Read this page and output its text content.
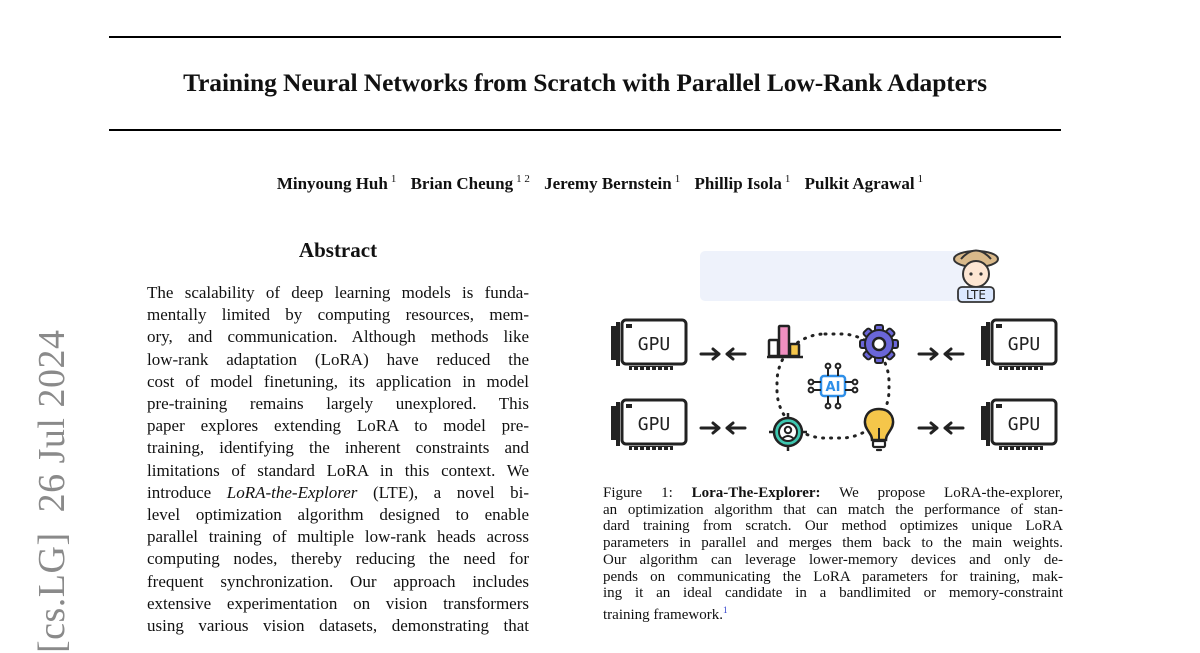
Training Neural Networks from Scratch with Parallel Low-Rank Adapters
Minyoung Huh $^1$ Brian Cheung $^{1 2}$ Jeremy Bernstein $^1$ Phillip Isola $^1$ Pulkit Agrawal $^1$
[cs.LG]  26 Jul 2024
Abstract
The scalability of deep learning models is funda-
mentally limited by computing resources, mem-
ory, and communication. Although methods like
low-rank adaptation (LoRA) have reduced the
cost of model finetuning, its application in model
pre-training remains largely unexplored. This
paper explores extending LoRA to model pre-
training, identifying the inherent constraints and
limitations of standard LoRA in this context. We
introduce LoRA-the-Explorer (LTE), a novel bi-
level optimization algorithm designed to enable
parallel training of multiple low-rank heads across
computing nodes, thereby reducing the need for
frequent synchronization. Our approach includes
extensive experimentation on vision transformers
using various vision datasets, demonstrating that
LTE
GPU
GPU
GPU
GPU
AI
Figure 1: Lora-The-Explorer: We propose LoRA-the-explorer,
an optimization algorithm that can match the performance of stan-
dard training from scratch. Our method optimizes unique LoRA
parameters in parallel and merges them back to the main weights.
Our algorithm can leverage lower-memory devices and only de-
pends on communicating the LoRA parameters for training, mak-
ing it an ideal candidate in a bandlimited or memory-constraint
training framework.$^1$
